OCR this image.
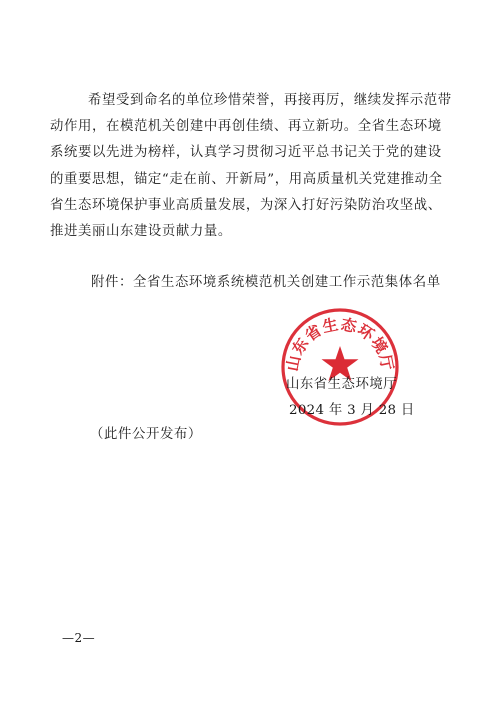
希望受到命名的单位珍惜荣誉，再接再厉，继续发挥示范带
动作用，在模范机关创建中再创佳绩、再立新功。全省生态环境
系统要以先进为榜样，认真学习贯彻习近平总书记关于党的建设
的重要思想，锚定“走在前、开新局”，用高质量机关党建推动全
省生态环境保护事业高质量发展，为深入打好污染防治攻坚战、
推进美丽山东建设贡献力量。
附件：全省生态环境系统模范机关创建工作示范集体名单
山东省生态环境厅
山东省生态环境厅
2024 年 3 月 28 日
（此件公开发布）
—2—
